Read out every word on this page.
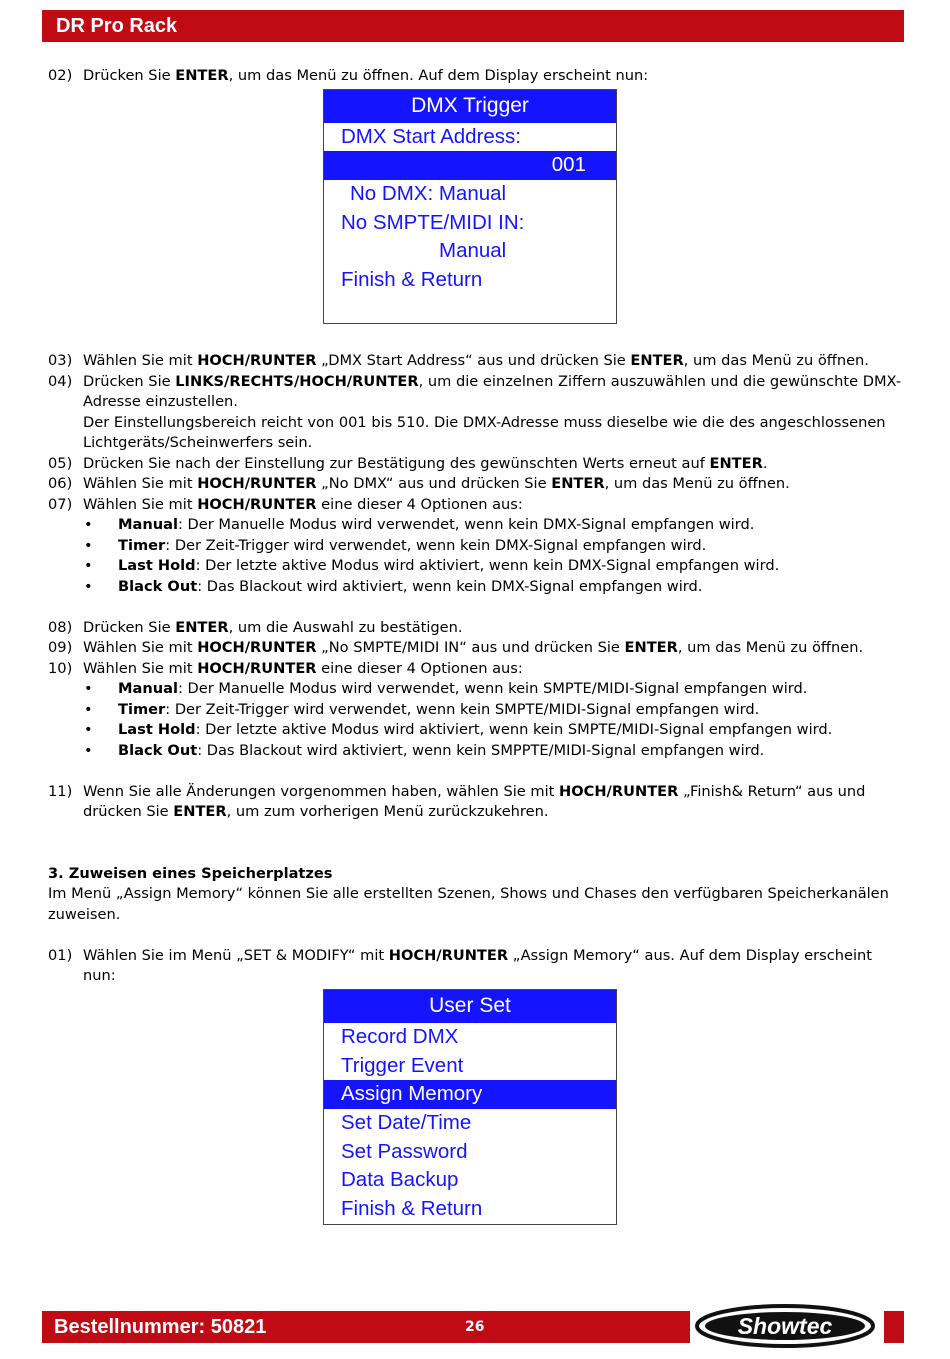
DR Pro Rack
02) Drücken Sie ENTER, um das Menü zu öffnen. Auf dem Display erscheint nun:
DMX Trigger
DMX Start Address:
001
No DMX: Manual
No SMPTE/MIDI IN:
Manual
Finish & Return
03) Wählen Sie mit HOCH/RUNTER „DMX Start Address“ aus und drücken Sie ENTER, um das Menü zu öffnen.
04) Drücken Sie LINKS/RECHTS/HOCH/RUNTER, um die einzelnen Ziffern auszuwählen und die gewünschte DMX-Adresse einzustellen.
Der Einstellungsbereich reicht von 001 bis 510. Die DMX-Adresse muss dieselbe wie die des angeschlossenen Lichtgeräts/Scheinwerfers sein.
05) Drücken Sie nach der Einstellung zur Bestätigung des gewünschten Werts erneut auf ENTER.
06) Wählen Sie mit HOCH/RUNTER „No DMX“ aus und drücken Sie ENTER, um das Menü zu öffnen.
07) Wählen Sie mit HOCH/RUNTER eine dieser 4 Optionen aus:
• Manual: Der Manuelle Modus wird verwendet, wenn kein DMX-Signal empfangen wird.
• Timer: Der Zeit-Trigger wird verwendet, wenn kein DMX-Signal empfangen wird.
• Last Hold: Der letzte aktive Modus wird aktiviert, wenn kein DMX-Signal empfangen wird.
• Black Out: Das Blackout wird aktiviert, wenn kein DMX-Signal empfangen wird.
08) Drücken Sie ENTER, um die Auswahl zu bestätigen.
09) Wählen Sie mit HOCH/RUNTER „No SMPTE/MIDI IN“ aus und drücken Sie ENTER, um das Menü zu öffnen.
10) Wählen Sie mit HOCH/RUNTER eine dieser 4 Optionen aus:
• Manual: Der Manuelle Modus wird verwendet, wenn kein SMPTE/MIDI-Signal empfangen wird.
• Timer: Der Zeit-Trigger wird verwendet, wenn kein SMPTE/MIDI-Signal empfangen wird.
• Last Hold: Der letzte aktive Modus wird aktiviert, wenn kein SMPTE/MIDI-Signal empfangen wird.
• Black Out: Das Blackout wird aktiviert, wenn kein SMPPTE/MIDI-Signal empfangen wird.
11) Wenn Sie alle Änderungen vorgenommen haben, wählen Sie mit HOCH/RUNTER „Finish& Return“ aus und drücken Sie ENTER, um zum vorherigen Menü zurückzukehren.
3. Zuweisen eines Speicherplatzes
Im Menü „Assign Memory“ können Sie alle erstellten Szenen, Shows und Chases den verfügbaren Speicherkanälen zuweisen.
01) Wählen Sie im Menü „SET & MODIFY“ mit HOCH/RUNTER „Assign Memory“ aus. Auf dem Display erscheint nun:
User Set
Record DMX
Trigger Event
Assign Memory
Set Date/Time
Set Password
Data Backup
Finish & Return
Bestellnummer: 50821	26	Showtec
